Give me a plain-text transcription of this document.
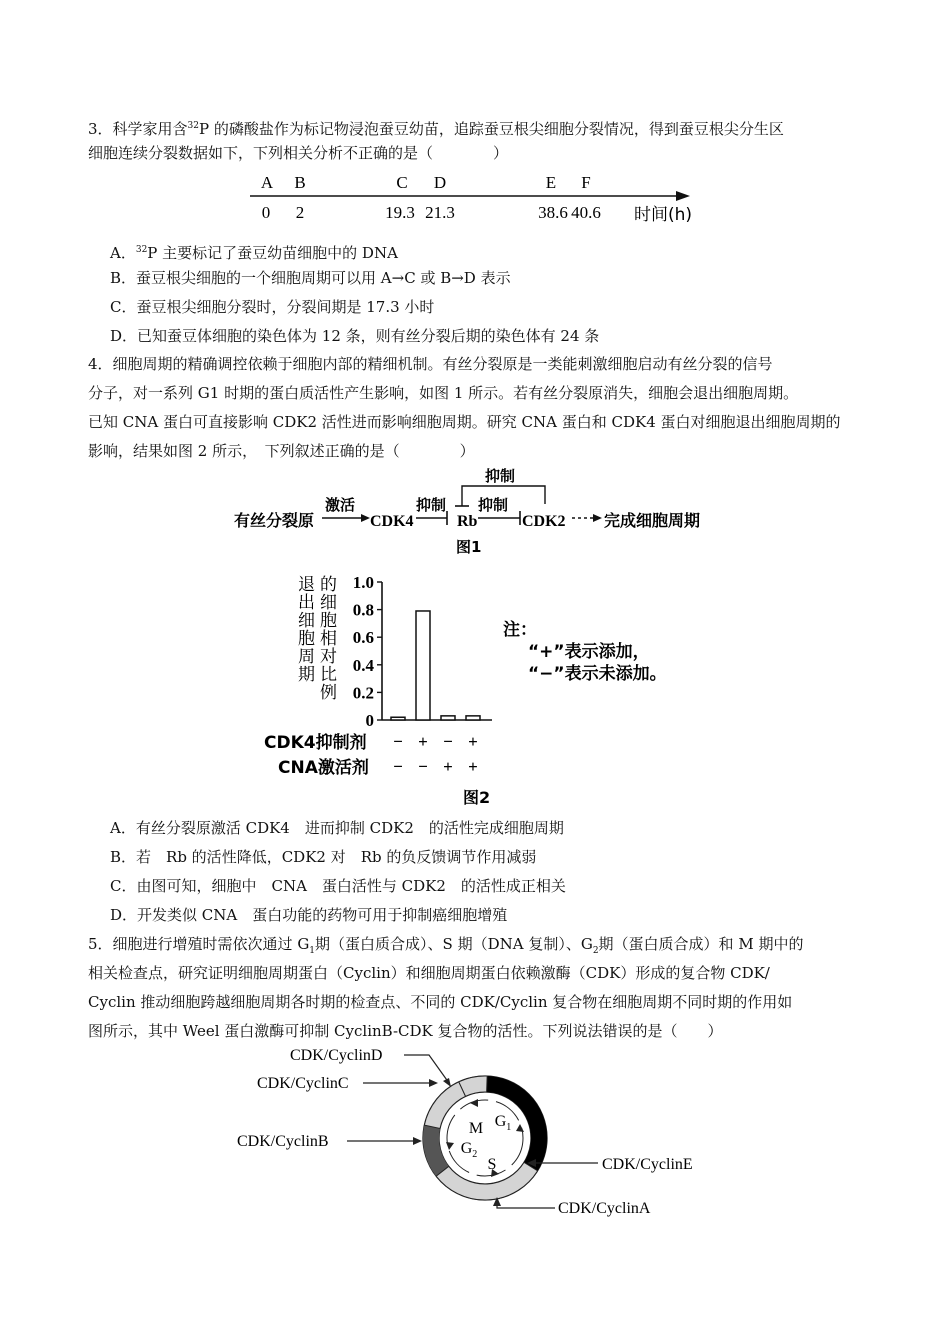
3．科学家用含$^{32}$P 的磷酸盐作为标记物浸泡蚕豆幼苗，追踪蚕豆根尖细胞分裂情况，得到蚕豆根尖分生区
细胞连续分裂数据如下，下列相关分析不正确的是（　　　　）
A B	C D	E F
0 2	19.3 21.3	38.6 40.6 时间(h)
A．$^{32}$P 主要标记了蚕豆幼苗细胞中的 DNA
B．蚕豆根尖细胞的一个细胞周期可以用 A→C 或 B→D 表示
C．蚕豆根尖细胞分裂时，分裂间期是 17.3 小时
D．已知蚕豆体细胞的染色体为 12 条，则有丝分裂后期的染色体有 24 条
4．细胞周期的精确调控依赖于细胞内部的精细机制。有丝分裂原是一类能刺激细胞启动有丝分裂的信号
分子，对一系列 G1 时期的蛋白质活性产生影响，如图 1 所示。若有丝分裂原消失，细胞会退出细胞周期。
已知 CNA 蛋白可直接影响 CDK2 活性进而影响细胞周期。研究 CNA 蛋白和 CDK4 蛋白对细胞退出细胞周期的
影响，结果如图 2 所示，　下列叙述正确的是（　　　　）
有丝分裂原
激活
CDK4
抑制
Rb
抑制
抑制
CDK2 完成细胞周期
图1
退出细胞周期 的细胞相对比例 1.0
0.8
0.6
0.4
0.2
0
− + − +
− − + +
CDK4抑制剂
CNA激活剂
图2
注：
“+”表示添加，
“−”表示未添加。
A．有丝分裂原激活 CDK4　进而抑制 CDK2　的活性完成细胞周期
B．若　Rb 的活性降低，CDK2 对　Rb 的负反馈调节作用减弱
C．由图可知，细胞中　CNA　蛋白活性与 CDK2　的活性成正相关
D．开发类似 CNA　蛋白功能的药物可用于抑制癌细胞增殖
5．细胞进行增殖时需依次通过 $G_1$期（蛋白质合成）、S 期（DNA 复制）、$G_2$期（蛋白质合成）和 M 期中的
相关检查点，研究证明细胞周期蛋白（Cyclin）和细胞周期蛋白依赖激酶（CDK）形成的复合物 CDK/
Cyclin 推动细胞跨越细胞周期各时期的检查点、不同的 CDK/Cyclin 复合物在细胞周期不同时期的作用如
图所示，其中 Weel 蛋白激酶可抑制 CyclinB-CDK 复合物的活性。下列说法错误的是（　　）
M $G_1$
$G_2$
S
CDK/CyclinD
CDK/CyclinC
CDK/CyclinB
CDK/CyclinE
CDK/CyclinA
